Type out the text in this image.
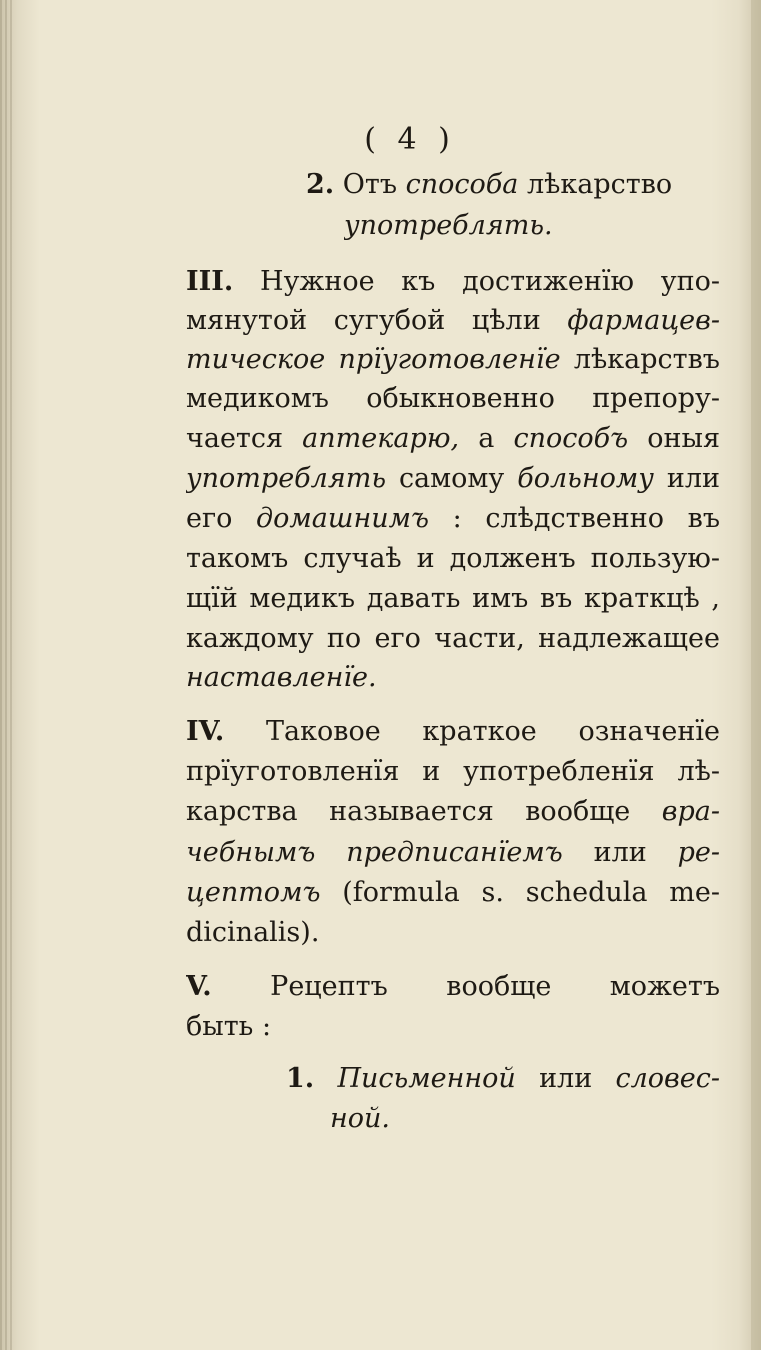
( 4 )
2. Отъ способа лѣкарство
употреблять.
III. Нужное къ достиженїю упо-
мянутой сугубой цѣли фармацев-
тическое прїуготовленїе лѣкарствъ
медикомъ обыкновенно препору-
чается аптекарю, а способъ оныя
употреблять самому больному или
его домашнимъ : слѣдственно въ
такомъ случаѣ и долженъ пользую-
щїй медикъ давать имъ въ краткцѣ ,
каждому по его части, надлежащее
наставленїе.
IV. Таковое краткое означенїе
прїуготовленїя и употребленїя лѣ-
карства называется вообще вра-
чебнымъ предписанїемъ или ре-
цептомъ (formula s. schedula me-
dicinalis).
V. Рецептъ вообще можетъ
быть :
1. Письменной или словес-
ной.
